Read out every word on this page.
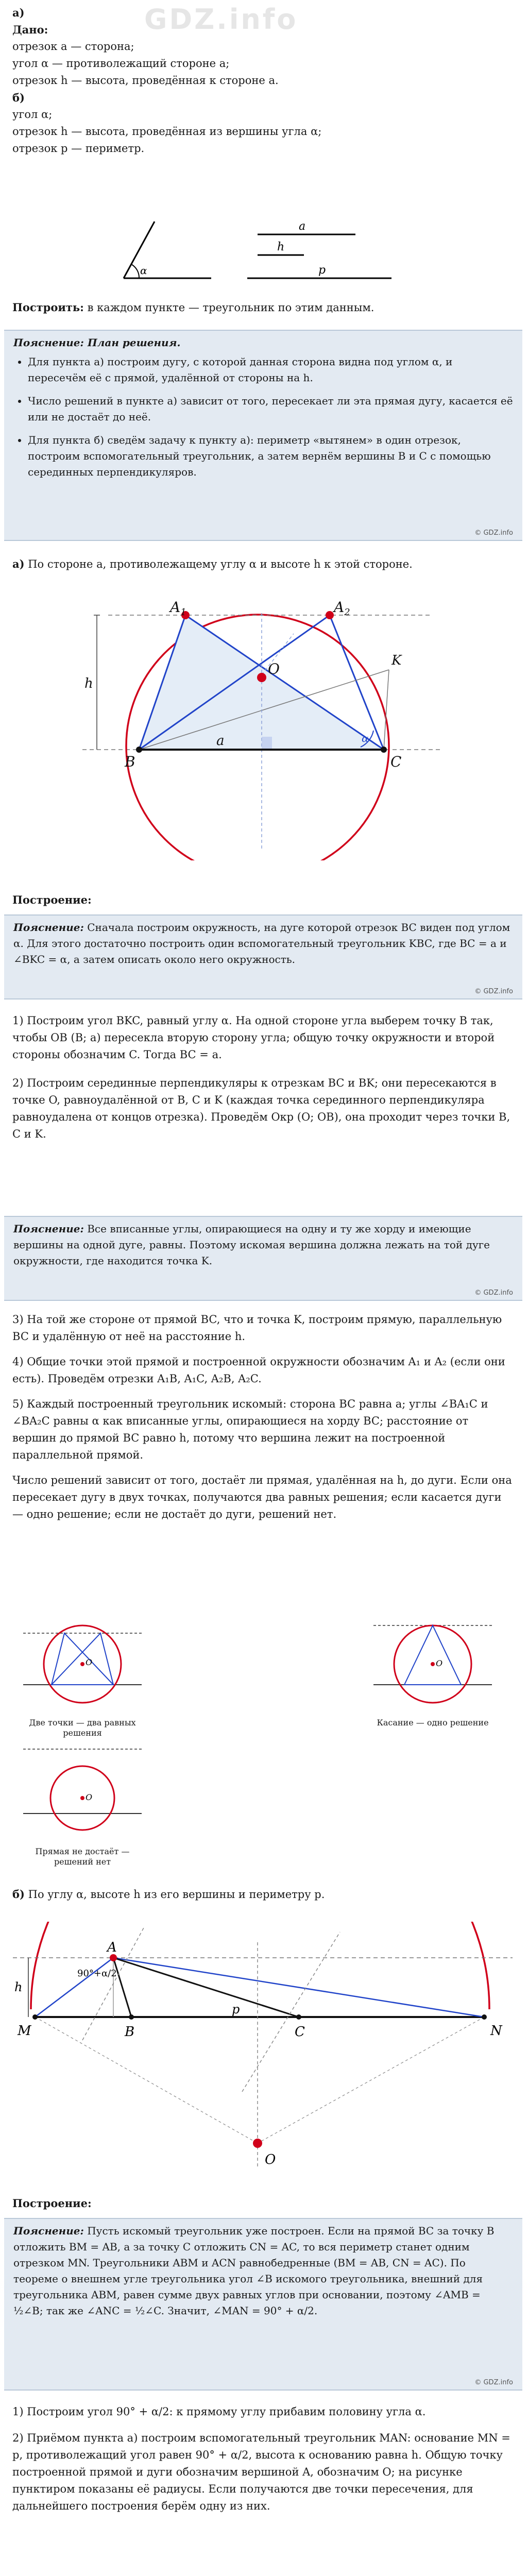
GDZ.info

а)

Дано:

отрезок a — сторона;

угол α — противолежащий стороне a;

отрезок h — высота, проведённая к стороне a.

б)

угол α;

отрезок h — высота, проведённая из вершины угла α;

отрезок p — периметр.

α
a
h
p

Построить: в каждом пункте — треугольник по этим данным.

Пояснение: План решения.

• Для пункта а) построим дугу, с которой данная сторона видна под углом α, и пересечём её с прямой, удалённой от стороны на h.
• Число решений в пункте а) зависит от того, пересекает ли эта прямая дугу, касается её или не достаёт до неё.
• Для пункта б) сведём задачу к пункту а): периметр «вытянем» в один отрезок, построим вспомогательный треугольник, а затем вернём вершины B и C с помощью серединных перпендикуляров.
© GDZ.info

а) По стороне a, противолежащему углу α и высоте h к этой стороне.

$A_1$	$A_2$
B	C
K
O
h
a	α

Построение:

Пояснение: Сначала построим окружность, на дуге которой отрезок BC виден под углом α. Для этого достаточно построить один вспомогательный треугольник KBC, где BC = a и ∠BKC = α, а затем описать около него окружность.

© GDZ.info

1) Построим угол BKC, равный углу α. На одной стороне угла выберем точку B так, чтобы OB (B; a) пересекла вторую сторону угла; общую точку окружности и второй стороны обозначим C. Тогда BC = a.

2) Построим серединные перпендикуляры к отрезкам BC и BK; они пересекаются в точке O, равноудалённой от B, C и K (каждая точка серединного перпендикуляра равноудалена от концов отрезка). Проведём Окр (O; OB), она проходит через точки B, C и K.

Пояснение: Все вписанные углы, опирающиеся на одну и ту же хорду и имеющие вершины на одной дуге, равны. Поэтому искомая вершина должна лежать на той дуге окружности, где находится точка K.

© GDZ.info

3) На той же стороне от прямой BC, что и точка K, построим прямую, параллельную BC и удалённую от неё на расстояние h.

4) Общие точки этой прямой и построенной окружности обозначим A₁ и A₂ (если они есть). Проведём отрезки A₁B, A₁C, A₂B, A₂C.

5) Каждый построенный треугольник искомый: сторона BC равна a; углы ∠BA₁C и ∠BA₂C равны α как вписанные углы, опирающиеся на хорду BC; расстояние от вершин до прямой BC равно h, потому что вершина лежит на построенной параллельной прямой.

Число решений зависит от того, достаёт ли прямая, удалённая на h, до дуги. Если она пересекает дугу в двух точках, получаются два равных решения; если касается дуги — одно решение; если не достаёт до дуги, решений нет.

O

Две точки — два равных решения

O

Касание — одно решение

O

Прямая не достаёт — решений нет

б) По углу α, высоте h из его вершины и периметру p.

M	N
B	C
A
O
h
p
90°+α/2

Построение:

Пояснение: Пусть искомый треугольник уже построен. Если на прямой BC за точку B отложить BM = AB, а за точку C отложить CN = AC, то вся периметр станет одним отрезком MN. Треугольники ABM и ACN равнобедренные (BM = AB, CN = AC). По теореме о внешнем угле треугольника угол ∠B искомого треугольника, внешний для треугольника ABM, равен сумме двух равных углов при основании, поэтому ∠AMB = ½∠B; так же ∠ANC = ½∠C. Значит, ∠MAN = 90° + α/2.

© GDZ.info

1) Построим угол 90° + α/2: к прямому углу прибавим половину угла α.

2) Приёмом пункта а) построим вспомогательный треугольник MAN: основание MN = p, противолежащий угол равен 90° + α/2, высота к основанию равна h. Общую точку построенной прямой и дуги обозначим вершиной A, обозначим O; на рисунке пунктиром показаны её радиусы. Если получаются две точки пересечения, для дальнейшего построения берём одну из них.
